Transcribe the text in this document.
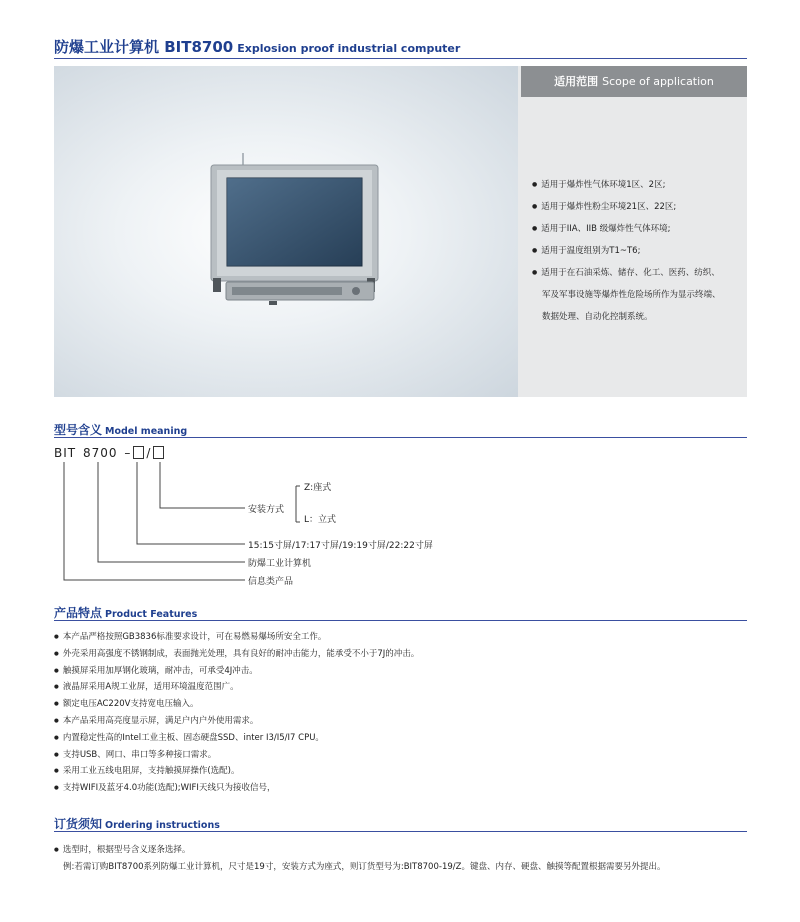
防爆工业计算机 BIT8700 Explosion proof industrial computer
适用范围 Scope of application
● 适用于爆炸性气体环境1区、2区;
● 适用于爆炸性粉尘环境21区、22区;
● 适用于IIA、IIB 级爆炸性气体环境;
● 适用于温度组别为T1~T6;
● 适用于在石油采炼、储存、化工、医药、纺织、
军及军事设施等爆炸性危险场所作为显示终端、
数据处理、自动化控制系统。
型号含义 Model meaning
BIT 8700 – /
安装方式
Z:座式
L：立式
15:15寸屏/17:17寸屏/19:19寸屏/22:22寸屏
防爆工业计算机
信息类产品
产品特点 Product Features
● 本产品严格按照GB3836标准要求设计，可在易燃易爆场所安全工作。
● 外壳采用高强度不锈钢制成，表面抛光处理，具有良好的耐冲击能力，能承受不小于7J的冲击。
● 触摸屏采用加厚钢化玻璃，耐冲击，可承受4J冲击。
● 液晶屏采用A规工业屏，适用环境温度范围广。
● 额定电压AC220V支持宽电压输入。
● 本产品采用高亮度显示屏，满足户内户外使用需求。
● 内置稳定性高的Intel工业主板、固态硬盘SSD、inter I3/I5/I7 CPU。
● 支持USB、网口、串口等多种接口需求。
● 采用工业五线电阻屏，支持触摸屏操作(选配)。
● 支持WIFI及蓝牙4.0功能(选配);WIFI天线只为接收信号，
订货须知 Ordering instructions
● 选型时，根据型号含义逐条选择。
例:若需订购BIT8700系列防爆工业计算机，尺寸是19寸，安装方式为座式，则订货型号为:BIT8700-19/Z。键盘、内存、硬盘、触摸等配置根据需要另外提出。
